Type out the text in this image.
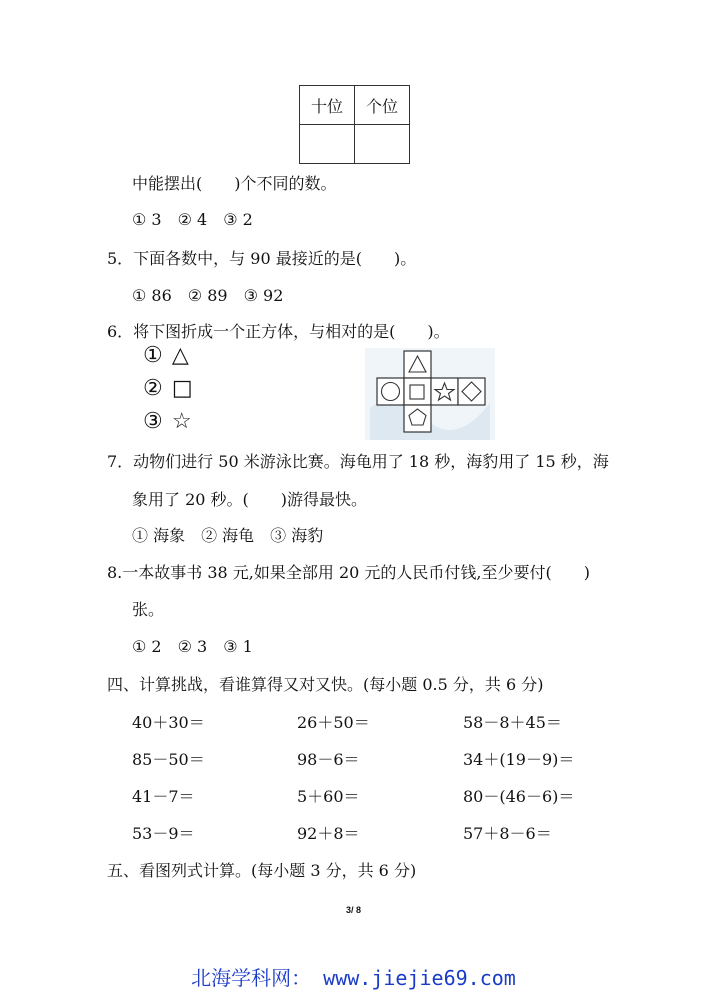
十位	个位

中能摆出(　　)个不同的数。
① 3　② 4　③ 2
5．下面各数中，与 90 最接近的是(　　)。
① 86　② 89　③ 92
6．将下图折成一个正方体，与相对的是(　　)。
① △
② □
③ ☆
7．动物们进行 50 米游泳比赛。海龟用了 18 秒，海豹用了 15 秒，海
象用了 20 秒。(　　)游得最快。
① 海象　② 海龟　③ 海豹
8.一本故事书 38 元,如果全部用 20 元的人民币付钱,至少要付(　　)
张。
① 2　② 3　③ 1
四、计算挑战，看谁算得又对又快。(每小题 0.5 分，共 6 分)
40＋30＝	26＋50＝	58－8＋45＝
85－50＝	98－6＝	34＋(19－9)＝
41－7＝	5＋60＝	80－(46－6)＝
53－9＝	92＋8＝	57＋8－6＝
五、看图列式计算。(每小题 3 分，共 6 分)
3/ 8
北海学科网： www.jiejie69.com
